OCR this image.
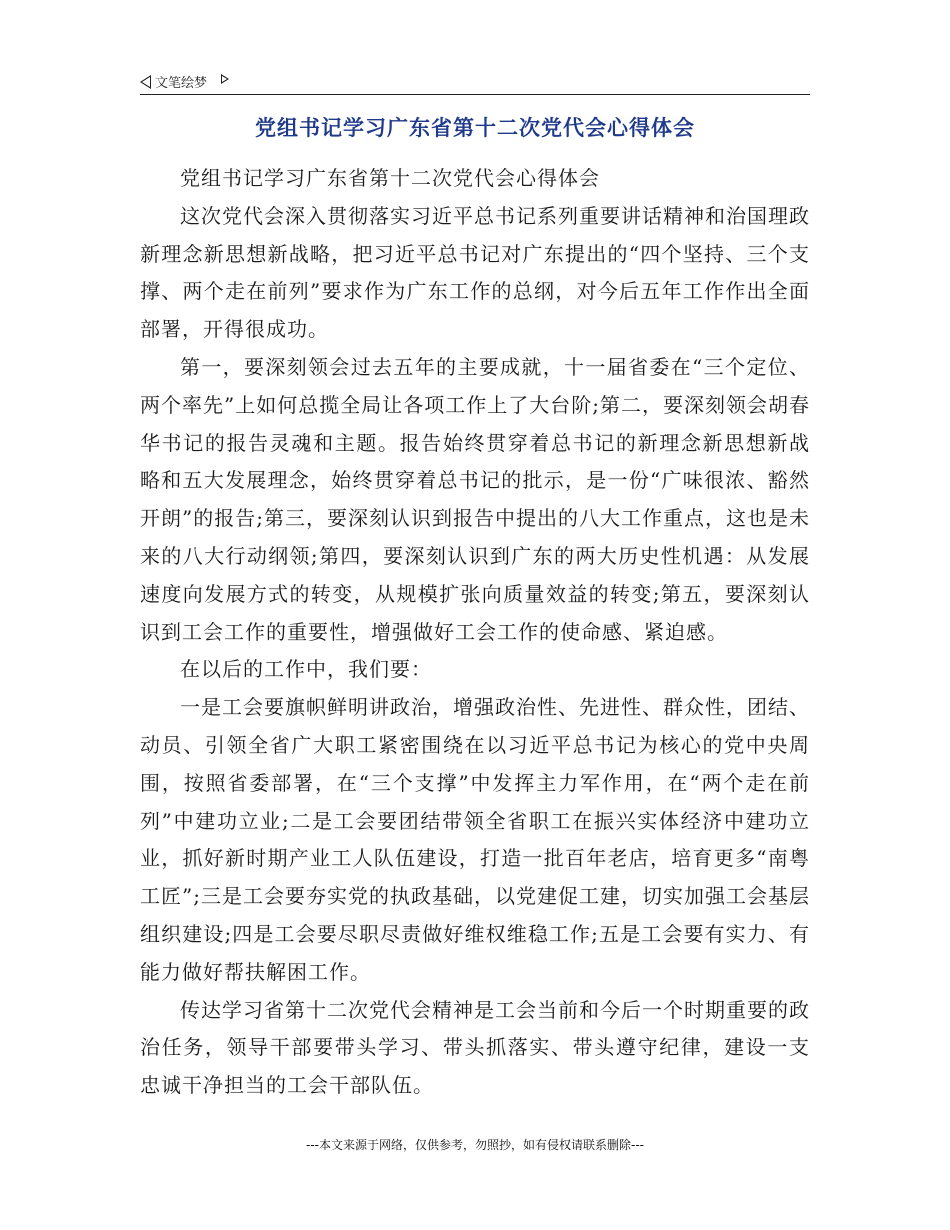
文笔绘梦
党组书记学习广东省第十二次党代会心得体会

党组书记学习广东省第十二次党代会心得体会

这次党代会深入贯彻落实习近平总书记系列重要讲话精神和治国理政新理念新思想新战略，把习近平总书记对广东提出的“四个坚持、三个支撑、两个走在前列”要求作为广东工作的总纲，对今后五年工作作出全面部署，开得很成功。

第一，要深刻领会过去五年的主要成就，十一届省委在“三个定位、两个率先”上如何总揽全局让各项工作上了大台阶;第二，要深刻领会胡春华书记的报告灵魂和主题。报告始终贯穿着总书记的新理念新思想新战略和五大发展理念，始终贯穿着总书记的批示，是一份“广味很浓、豁然开朗”的报告;第三，要深刻认识到报告中提出的八大工作重点，这也是未来的八大行动纲领;第四，要深刻认识到广东的两大历史性机遇：从发展速度向发展方式的转变，从规模扩张向质量效益的转变;第五，要深刻认识到工会工作的重要性，增强做好工会工作的使命感、紧迫感。

在以后的工作中，我们要：

一是工会要旗帜鲜明讲政治，增强政治性、先进性、群众性，团结、动员、引领全省广大职工紧密围绕在以习近平总书记为核心的党中央周围，按照省委部署，在“三个支撑”中发挥主力军作用，在“两个走在前列”中建功立业;二是工会要团结带领全省职工在振兴实体经济中建功立业，抓好新时期产业工人队伍建设，打造一批百年老店，培育更多“南粤工匠”;三是工会要夯实党的执政基础，以党建促工建，切实加强工会基层组织建设;四是工会要尽职尽责做好维权维稳工作;五是工会要有实力、有能力做好帮扶解困工作。

传达学习省第十二次党代会精神是工会当前和今后一个时期重要的政治任务，领导干部要带头学习、带头抓落实、带头遵守纪律，建设一支忠诚干净担当的工会干部队伍。

---本文来源于网络，仅供参考，勿照抄，如有侵权请联系删除---
